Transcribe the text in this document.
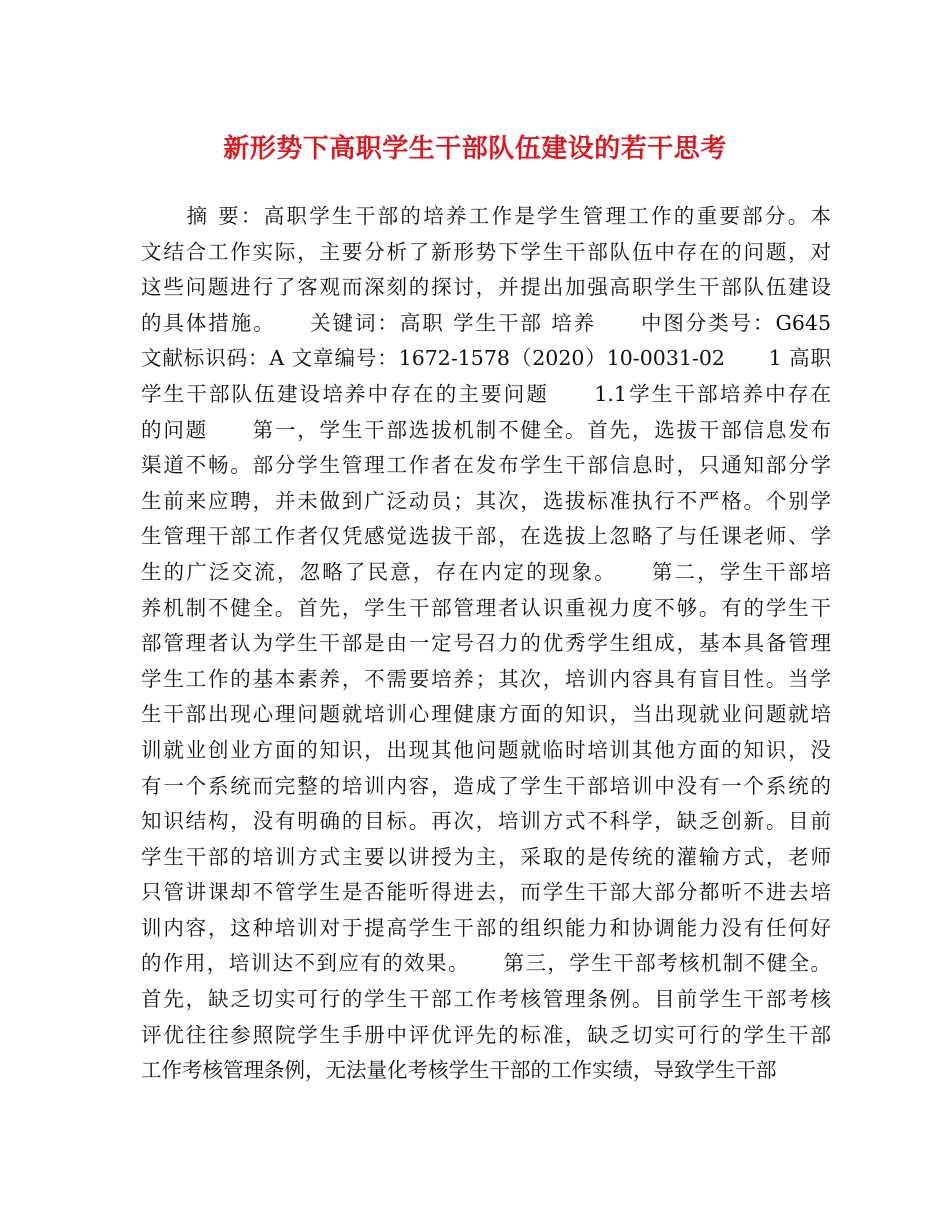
新形势下高职学生干部队伍建设的若干思考
　　摘 要：高职学生干部的培养工作是学生管理工作的重要部分。本
文结合工作实际，主要分析了新形势下学生干部队伍中存在的问题，对
这些问题进行了客观而深刻的探讨，并提出加强高职学生干部队伍建设
的具体措施。　　关键词：高职 学生干部 培养　　中图分类号：G645
文献标识码：A 文章编号：1672-1578（2020）10-0031-02　　1 高职
学生干部队伍建设培养中存在的主要问题　　1.1学生干部培养中存在
的问题　　第一，学生干部选拔机制不健全。首先，选拔干部信息发布
渠道不畅。部分学生管理工作者在发布学生干部信息时，只通知部分学
生前来应聘，并未做到广泛动员；其次，选拔标准执行不严格。个别学
生管理干部工作者仅凭感觉选拔干部，在选拔上忽略了与任课老师、学
生的广泛交流，忽略了民意，存在内定的现象。　　第二，学生干部培
养机制不健全。首先，学生干部管理者认识重视力度不够。有的学生干
部管理者认为学生干部是由一定号召力的优秀学生组成，基本具备管理
学生工作的基本素养，不需要培养；其次，培训内容具有盲目性。当学
生干部出现心理问题就培训心理健康方面的知识，当出现就业问题就培
训就业创业方面的知识，出现其他问题就临时培训其他方面的知识，没
有一个系统而完整的培训内容，造成了学生干部培训中没有一个系统的
知识结构，没有明确的目标。再次，培训方式不科学，缺乏创新。目前
学生干部的培训方式主要以讲授为主，采取的是传统的灌输方式，老师
只管讲课却不管学生是否能听得进去，而学生干部大部分都听不进去培
训内容，这种培训对于提高学生干部的组织能力和协调能力没有任何好
的作用，培训达不到应有的效果。　　第三，学生干部考核机制不健全。
首先，缺乏切实可行的学生干部工作考核管理条例。目前学生干部考核
评优往往参照院学生手册中评优评先的标准，缺乏切实可行的学生干部
工作考核管理条例，无法量化考核学生干部的工作实绩，导致学生干部
